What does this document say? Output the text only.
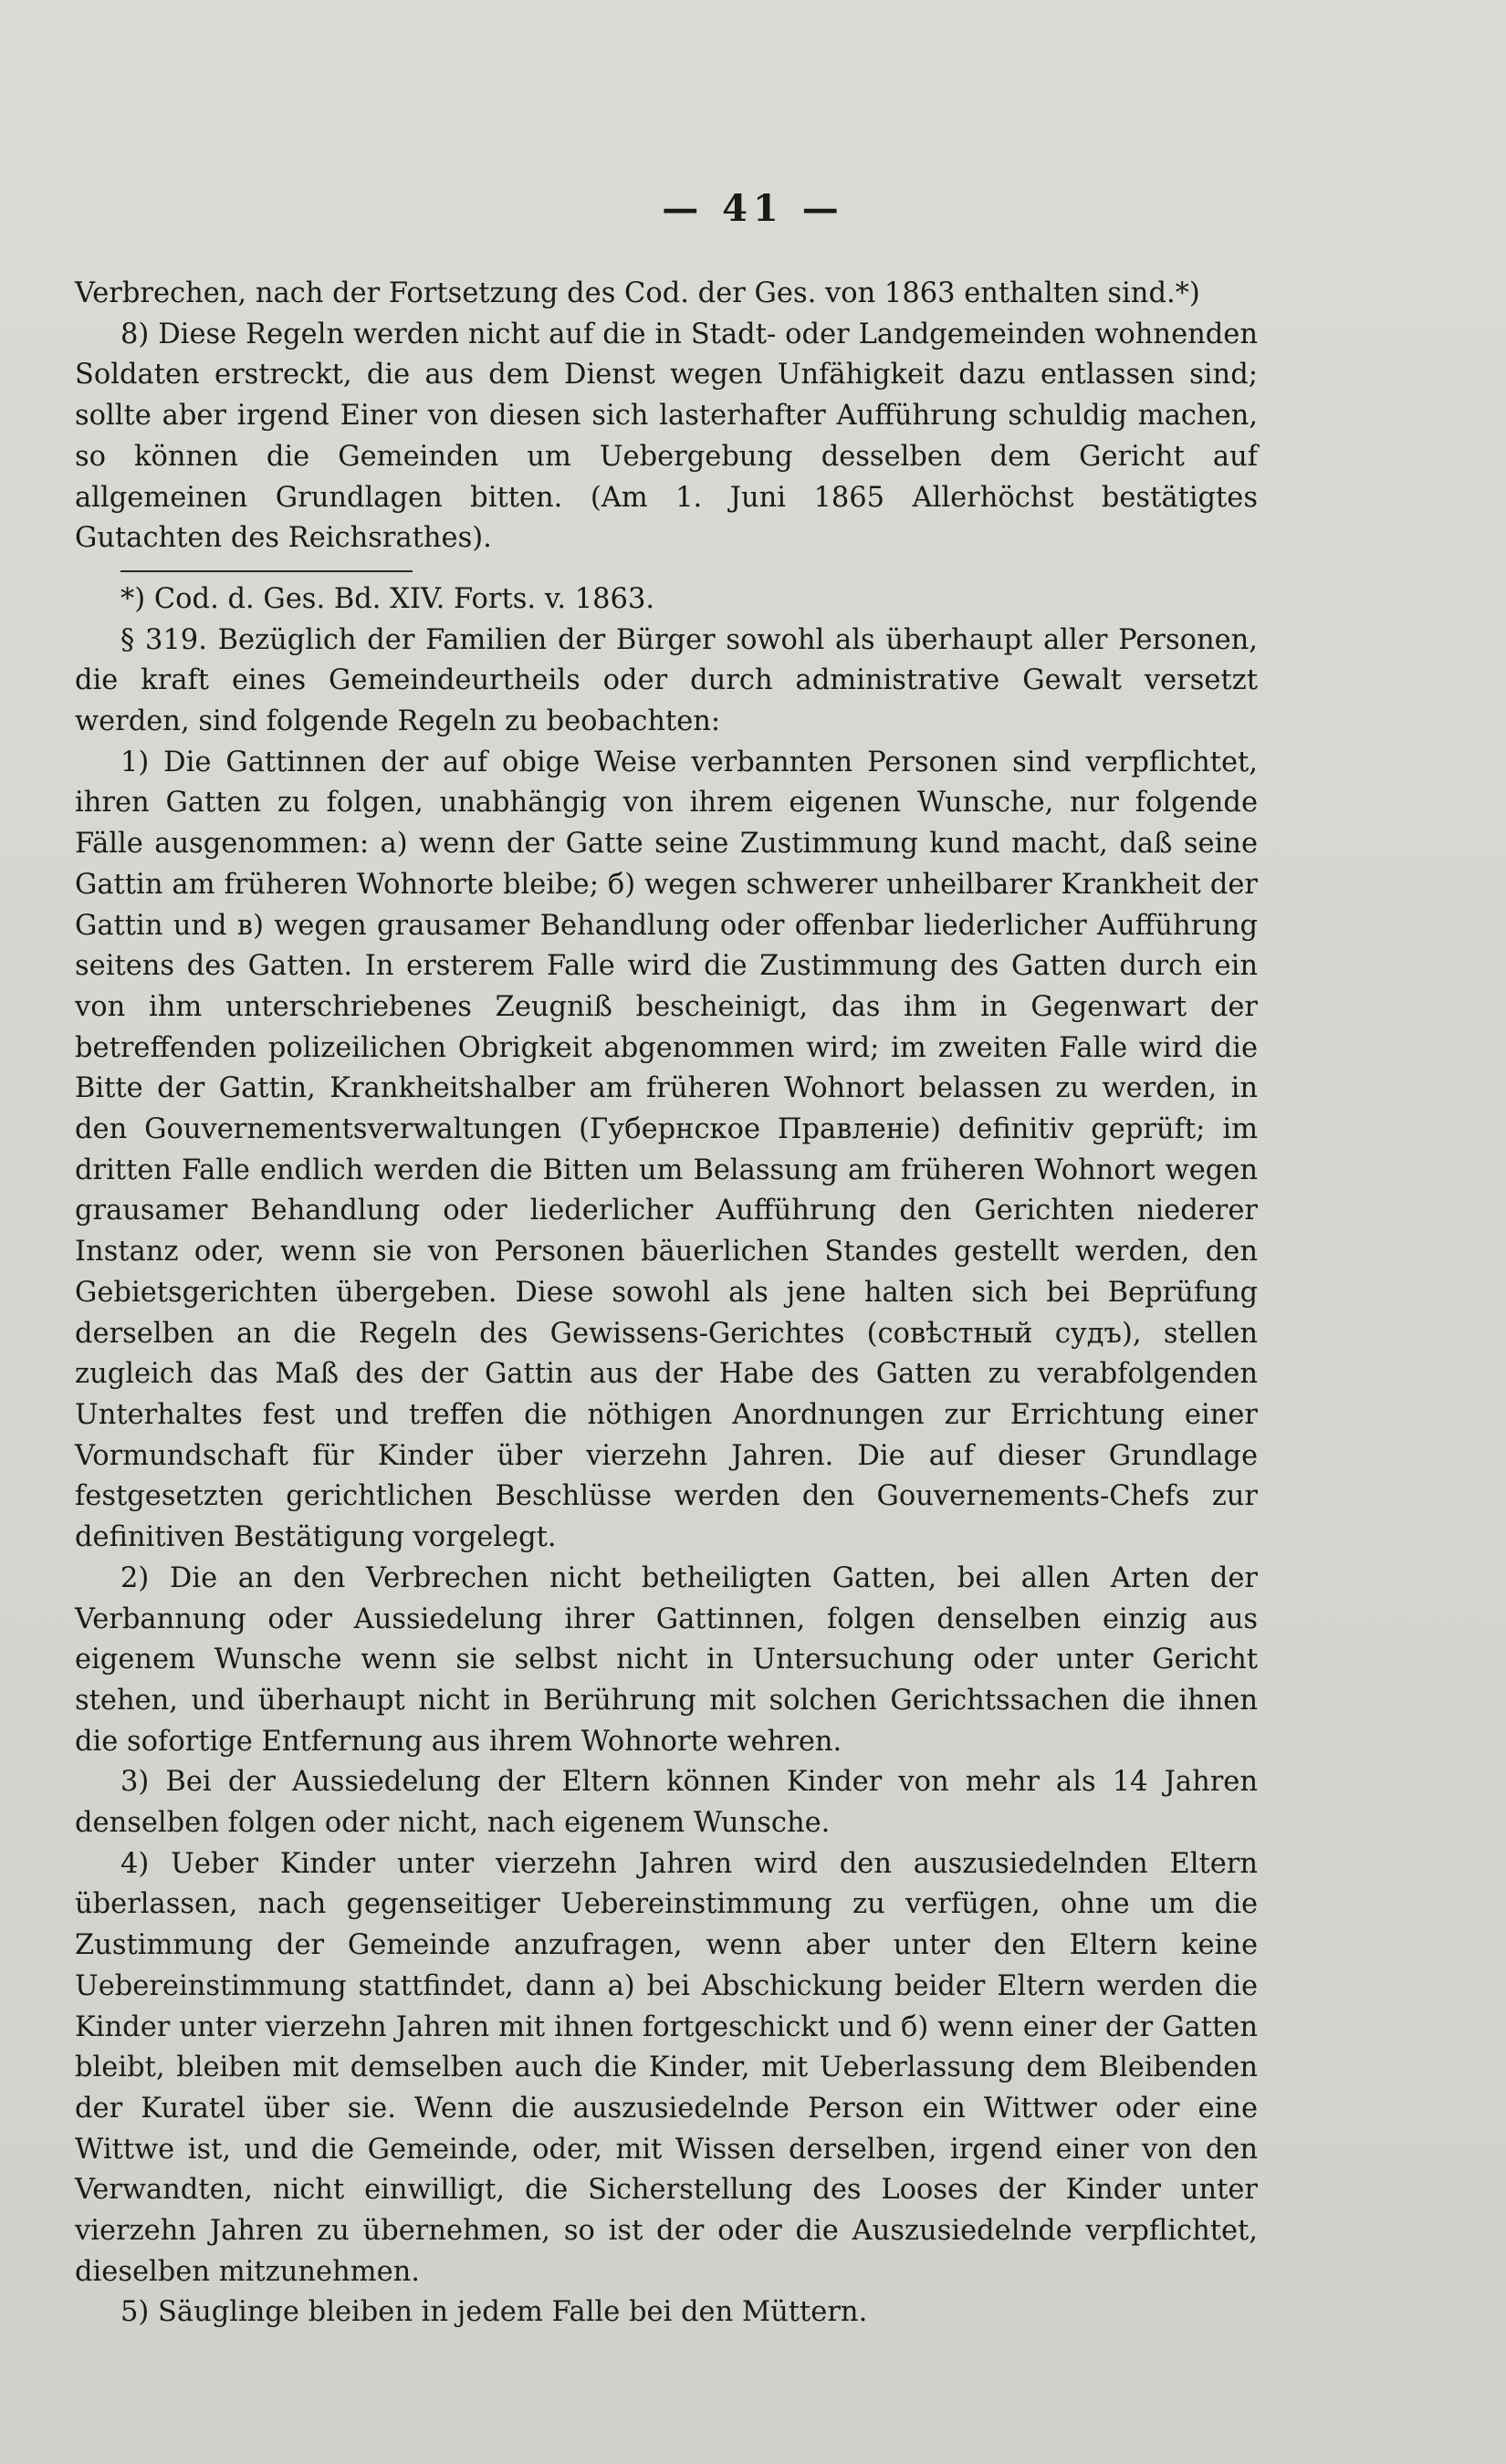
— 41 —

Verbrechen, nach der Fortsetzung des Cod. der Ges. von 1863 enthalten sind.*)

8) Diese Regeln werden nicht auf die in Stadt- oder Landgemeinden wohnenden Soldaten erstreckt, die aus dem Dienst wegen Unfähigkeit dazu entlassen sind; sollte aber irgend Einer von diesen sich lasterhafter Aufführung schuldig machen, so können die Gemeinden um Uebergebung desselben dem Gericht auf allgemeinen Grundlagen bitten. (Am 1. Juni 1865 Allerhöchst bestätigtes Gutachten des Reichsrathes).

*) Cod. d. Ges. Bd. XIV. Forts. v. 1863.

§ 319. Bezüglich der Familien der Bürger sowohl als überhaupt aller Personen, die kraft eines Gemeindeurtheils oder durch administrative Gewalt versetzt werden, sind folgende Regeln zu beobachten:

1) Die Gattinnen der auf obige Weise verbannten Personen sind verpflichtet, ihren Gatten zu folgen, unabhängig von ihrem eigenen Wunsche, nur folgende Fälle ausgenommen: a) wenn der Gatte seine Zustimmung kund macht, daß seine Gattin am früheren Wohnorte bleibe; б) wegen schwerer unheilbarer Krankheit der Gattin und в) wegen grausamer Behandlung oder offenbar liederlicher Aufführung seitens des Gatten. In ersterem Falle wird die Zustimmung des Gatten durch ein von ihm unterschriebenes Zeugniß bescheinigt, das ihm in Gegenwart der betreffenden polizeilichen Obrigkeit abgenommen wird; im zweiten Falle wird die Bitte der Gattin, Krankheitshalber am früheren Wohnort belassen zu werden, in den Gouvernementsverwaltungen (Губернское Правленіе) definitiv geprüft; im dritten Falle endlich werden die Bitten um Belassung am früheren Wohnort wegen grausamer Behandlung oder liederlicher Aufführung den Gerichten niederer Instanz oder, wenn sie von Personen bäuerlichen Standes gestellt werden, den Gebietsgerichten übergeben. Diese sowohl als jene halten sich bei Beprüfung derselben an die Regeln des Gewissens-Gerichtes (совѣстный судъ), stellen zugleich das Maß des der Gattin aus der Habe des Gatten zu verabfolgenden Unterhaltes fest und treffen die nöthigen Anordnungen zur Errichtung einer Vormundschaft für Kinder über vierzehn Jahren. Die auf dieser Grundlage festgesetzten gerichtlichen Beschlüsse werden den Gouvernements-Chefs zur definitiven Bestätigung vorgelegt.

2) Die an den Verbrechen nicht betheiligten Gatten, bei allen Arten der Verbannung oder Aussiedelung ihrer Gattinnen, folgen denselben einzig aus eigenem Wunsche wenn sie selbst nicht in Untersuchung oder unter Gericht stehen, und überhaupt nicht in Berührung mit solchen Gerichtssachen die ihnen die sofortige Entfernung aus ihrem Wohnorte wehren.

3) Bei der Aussiedelung der Eltern können Kinder von mehr als 14 Jahren denselben folgen oder nicht, nach eigenem Wunsche.

4) Ueber Kinder unter vierzehn Jahren wird den auszusiedelnden Eltern überlassen, nach gegenseitiger Uebereinstimmung zu verfügen, ohne um die Zustimmung der Gemeinde anzufragen, wenn aber unter den Eltern keine Uebereinstimmung stattfindet, dann a) bei Abschickung beider Eltern werden die Kinder unter vierzehn Jahren mit ihnen fortgeschickt und б) wenn einer der Gatten bleibt, bleiben mit demselben auch die Kinder, mit Ueberlassung dem Bleibenden der Kuratel über sie. Wenn die auszusiedelnde Person ein Wittwer oder eine Wittwe ist, und die Gemeinde, oder, mit Wissen derselben, irgend einer von den Verwandten, nicht einwilligt, die Sicherstellung des Looses der Kinder unter vierzehn Jahren zu übernehmen, so ist der oder die Auszusiedelnde verpflichtet, dieselben mitzunehmen.

5) Säuglinge bleiben in jedem Falle bei den Müttern.
